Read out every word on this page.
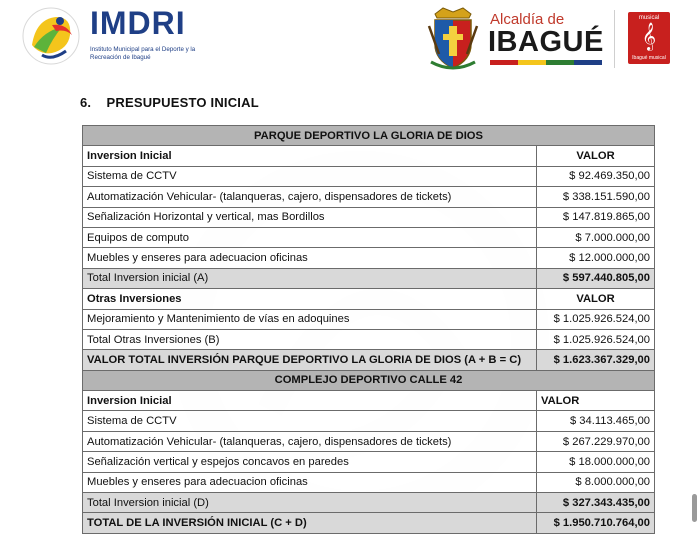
IMDRI
Instituto Municipal para el Deporte y la Recreación de Ibagué
Alcaldía de
IBAGUÉ
musical
𝄞
Ibagué musical
6.    PRESUPUESTO INICIAL
PARQUE DEPORTIVO LA GLORIA DE DIOS	
Inversion Inicial	VALOR
Sistema de CCTV	$ 92.469.350,00
Automatización Vehicular- (talanqueras, cajero, dispensadores de tickets)	$ 338.151.590,00
Señalización Horizontal y vertical, mas Bordillos	$ 147.819.865,00
Equipos de computo	$ 7.000.000,00
Muebles y enseres para adecuacion oficinas	$ 12.000.000,00
Total Inversion inicial (A)	$ 597.440.805,00
Otras Inversiones	VALOR
Mejoramiento y Mantenimiento de vías en adoquines	$ 1.025.926.524,00
Total Otras Inversiones (B)	$ 1.025.926.524,00
VALOR TOTAL INVERSIÓN PARQUE DEPORTIVO LA GLORIA DE DIOS (A + B = C)	$ 1.623.367.329,00
COMPLEJO DEPORTIVO CALLE 42	
Inversion Inicial	VALOR
Sistema de CCTV	$ 34.113.465,00
Automatización Vehicular- (talanqueras, cajero, dispensadores de tickets)	$ 267.229.970,00
Señalización vertical y espejos concavos en paredes	$ 18.000.000,00
Muebles y enseres para adecuacion oficinas	$ 8.000.000,00
Total Inversion inicial (D)	$ 327.343.435,00
TOTAL DE LA INVERSIÓN INICIAL (C + D)	$ 1.950.710.764,00
